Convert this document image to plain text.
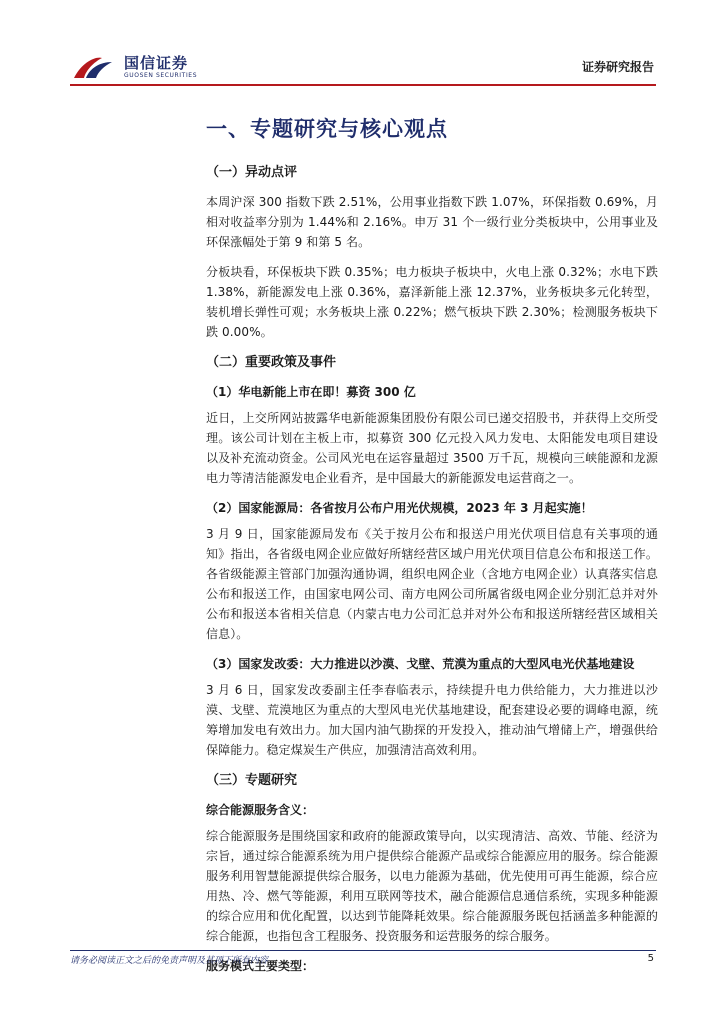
国信证券
GUOSEN SECURITIES
证券研究报告
一、专题研究与核心观点
（一）异动点评

本周沪深 300 指数下跌 2.51%，公用事业指数下跌 1.07%，环保指数 0.69%，月相对收益率分别为 1.44%和 2.16%。申万 31 个一级行业分类板块中，公用事业及环保涨幅处于第 9 和第 5 名。

分板块看，环保板块下跌 0.35%；电力板块子板块中，火电上涨 0.32%；水电下跌 1.38%，新能源发电上涨 0.36%，嘉泽新能上涨 12.37%，业务板块多元化转型，装机增长弹性可观；水务板块上涨 0.22%；燃气板块下跌 2.30%；检测服务板块下跌 0.00%。

（二）重要政策及事件
（1）华电新能上市在即！募资 300 亿

近日，上交所网站披露华电新能源集团股份有限公司已递交招股书，并获得上交所受理。该公司计划在主板上市，拟募资 300 亿元投入风力发电、太阳能发电项目建设以及补充流动资金。公司风光电在运容量超过 3500 万千瓦，规模向三峡能源和龙源电力等清洁能源发电企业看齐，是中国最大的新能源发电运营商之一。

（2）国家能源局：各省按月公布户用光伏规模，2023 年 3 月起实施！

3 月 9 日，国家能源局发布《关于按月公布和报送户用光伏项目信息有关事项的通知》指出，各省级电网企业应做好所辖经营区域户用光伏项目信息公布和报送工作。各省级能源主管部门加强沟通协调，组织电网企业（含地方电网企业）认真落实信息公布和报送工作，由国家电网公司、南方电网公司所属省级电网企业分别汇总并对外公布和报送本省相关信息（内蒙古电力公司汇总并对外公布和报送所辖经营区域相关信息）。

（3）国家发改委：大力推进以沙漠、戈壁、荒漠为重点的大型风电光伏基地建设

3 月 6 日，国家发改委副主任李春临表示，持续提升电力供给能力，大力推进以沙漠、戈壁、荒漠地区为重点的大型风电光伏基地建设，配套建设必要的调峰电源，统筹增加发电有效出力。加大国内油气勘探的开发投入，推动油气增储上产，增强供给保障能力。稳定煤炭生产供应，加强清洁高效利用。

（三）专题研究
综合能源服务含义：

综合能源服务是围绕国家和政府的能源政策导向，以实现清洁、高效、节能、经济为宗旨，通过综合能源系统为用户提供综合能源产品或综合能源应用的服务。综合能源服务利用智慧能源提供综合服务，以电力能源为基础，优先使用可再生能源，综合应用热、冷、燃气等能源，利用互联网等技术，融合能源信息通信系统，实现多种能源的综合应用和优化配置，以达到节能降耗效果。综合能源服务既包括涵盖多种能源的综合能源，也指包含工程服务、投资服务和运营服务的综合服务。

服务模式主要类型：
请务必阅读正文之后的免责声明及其项下所有内容	5
